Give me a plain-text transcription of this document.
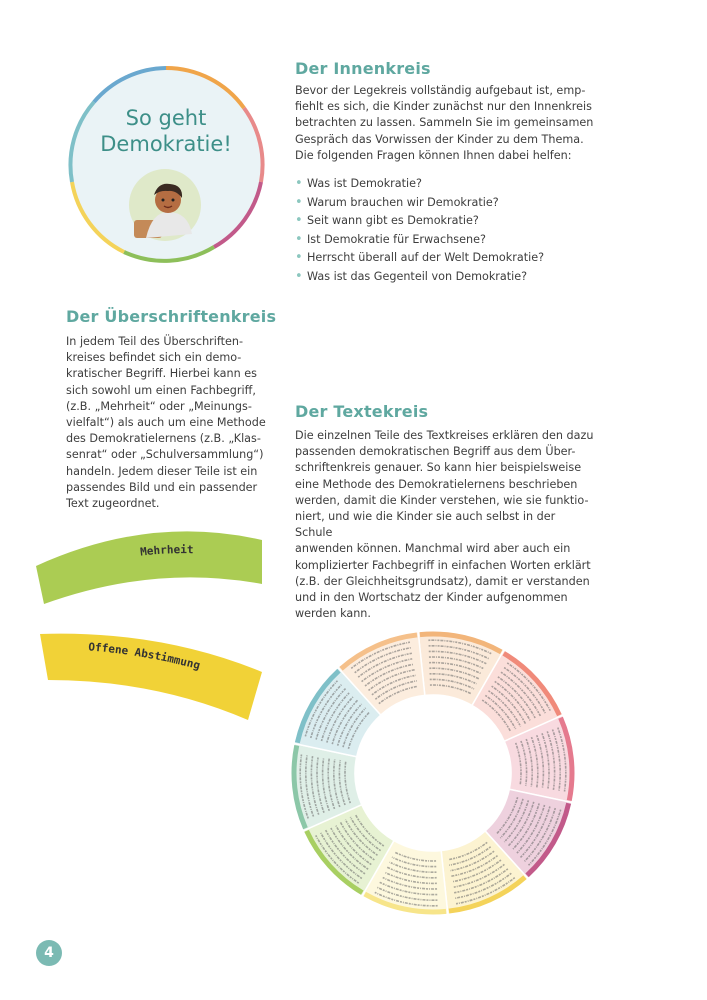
So geht
Demokratie!
Der Innenkreis

Bevor der Legekreis vollständig aufgebaut ist, emp-

fiehlt es sich, die Kinder zunächst nur den Innenkreis

betrachten zu lassen. Sammeln Sie im gemeinsamen

Gespräch das Vorwissen der Kinder zu dem Thema.

Die folgenden Fragen können Ihnen dabei helfen:

• Was ist Demokratie?
• Warum brauchen wir Demokratie?
• Seit wann gibt es Demokratie?
• Ist Demokratie für Erwachsene?
• Herrscht überall auf der Welt Demokratie?
• Was ist das Gegenteil von Demokratie?
Der Überschriftenkreis

In jedem Teil des Überschriften-

kreises befindet sich ein demo-

kratischer Begriff. Hierbei kann es

sich sowohl um einen Fachbegriff,

(z.B. „Mehrheit“ oder „Meinungs-

vielfalt“) als auch um eine Methode

des Demokratielernens (z.B. „Klas-

senrat“ oder „Schulversammlung“)

handeln. Jedem dieser Teile ist ein

passendes Bild und ein passender

Text zugeordnet.

Mehrheit
Offene Abstimmung
Der Textekreis

Die einzelnen Teile des Textkreises erklären den dazu

passenden demokratischen Begriff aus dem Über-

schriftenkreis genauer. So kann hier beispielsweise

eine Methode des Demokratielernens beschrieben

werden, damit die Kinder verstehen, wie sie funktio-

niert, und wie die Kinder sie auch selbst in der Schule

anwenden können. Manchmal wird aber auch ein

komplizierter Fachbegriff in einfachen Worten erklärt

(z.B. der Gleichheitsgrundsatz), damit er verstanden

und in den Wortschatz der Kinder aufgenommen

werden kann.

4
